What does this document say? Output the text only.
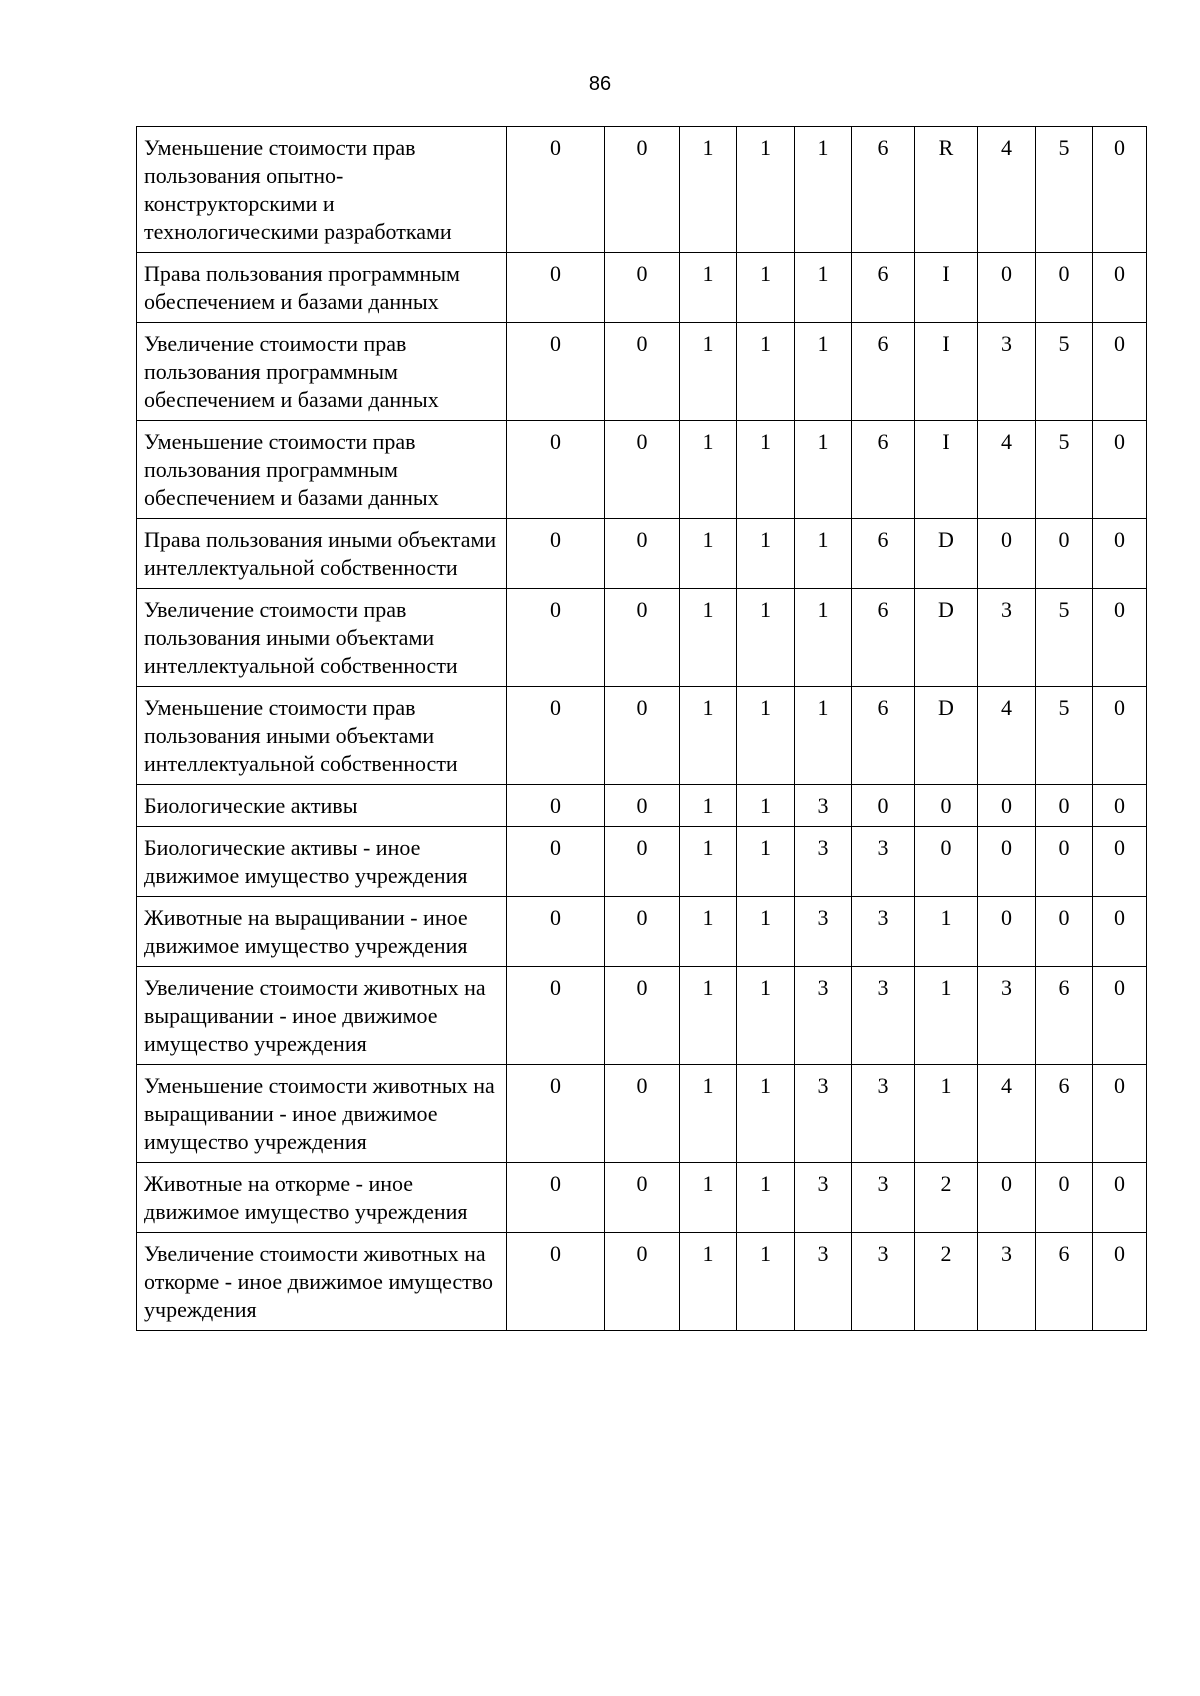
86
Уменьшение стоимости прав пользования опытно-конструкторскими и технологическими разработками	0	0	1	1	1	6	R	4	5	0
Права пользования программным обеспечением и базами данных	0	0	1	1	1	6	I	0	0	0
Увеличение стоимости прав пользования программным обеспечением и базами данных	0	0	1	1	1	6	I	3	5	0
Уменьшение стоимости прав пользования программным обеспечением и базами данных	0	0	1	1	1	6	I	4	5	0
Права пользования иными объектами интеллектуальной собственности	0	0	1	1	1	6	D	0	0	0
Увеличение стоимости прав пользования иными объектами интеллектуальной собственности	0	0	1	1	1	6	D	3	5	0
Уменьшение стоимости прав пользования иными объектами интеллектуальной собственности	0	0	1	1	1	6	D	4	5	0
Биологические активы	0	0	1	1	3	0	0	0	0	0
Биологические активы - иное движимое имущество учреждения	0	0	1	1	3	3	0	0	0	0
Животные на выращивании - иное движимое имущество учреждения	0	0	1	1	3	3	1	0	0	0
Увеличение стоимости животных на выращивании - иное движимое имущество учреждения	0	0	1	1	3	3	1	3	6	0
Уменьшение стоимости животных на выращивании - иное движимое имущество учреждения	0	0	1	1	3	3	1	4	6	0
Животные на откорме - иное движимое имущество учреждения	0	0	1	1	3	3	2	0	0	0
Увеличение стоимости животных на откорме - иное движимое имущество учреждения	0	0	1	1	3	3	2	3	6	0
